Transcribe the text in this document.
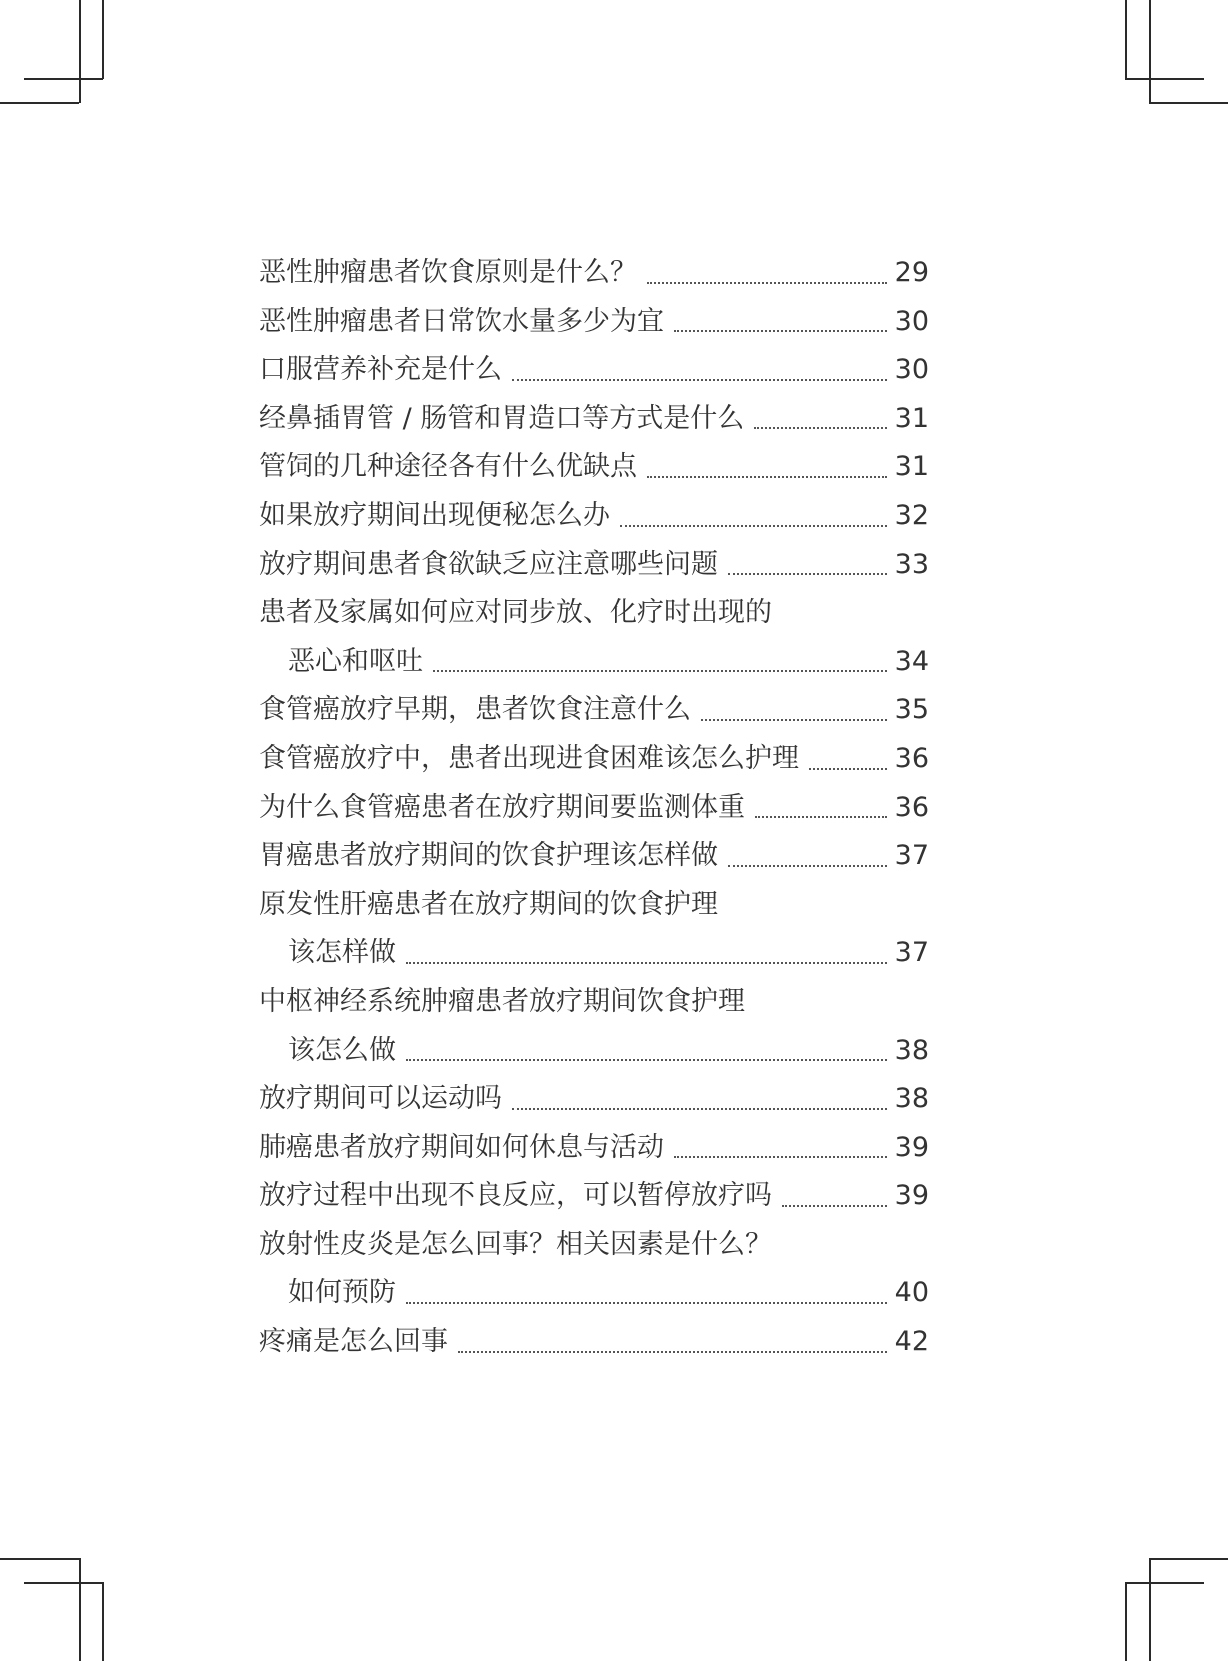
恶性肿瘤患者饮食原则是什么？	29
恶性肿瘤患者日常饮水量多少为宜	30
口服营养补充是什么	30
经鼻插胃管 / 肠管和胃造口等方式是什么	31
管饲的几种途径各有什么优缺点	31
如果放疗期间出现便秘怎么办	32
放疗期间患者食欲缺乏应注意哪些问题	33
患者及家属如何应对同步放、化疗时出现的
恶心和呕吐	34
食管癌放疗早期，患者饮食注意什么	35
食管癌放疗中，患者出现进食困难该怎么护理	36
为什么食管癌患者在放疗期间要监测体重	36
胃癌患者放疗期间的饮食护理该怎样做	37
原发性肝癌患者在放疗期间的饮食护理
该怎样做	37
中枢神经系统肿瘤患者放疗期间饮食护理
该怎么做	38
放疗期间可以运动吗	38
肺癌患者放疗期间如何休息与活动	39
放疗过程中出现不良反应，可以暂停放疗吗	39
放射性皮炎是怎么回事？相关因素是什么？
如何预防	40
疼痛是怎么回事	42
